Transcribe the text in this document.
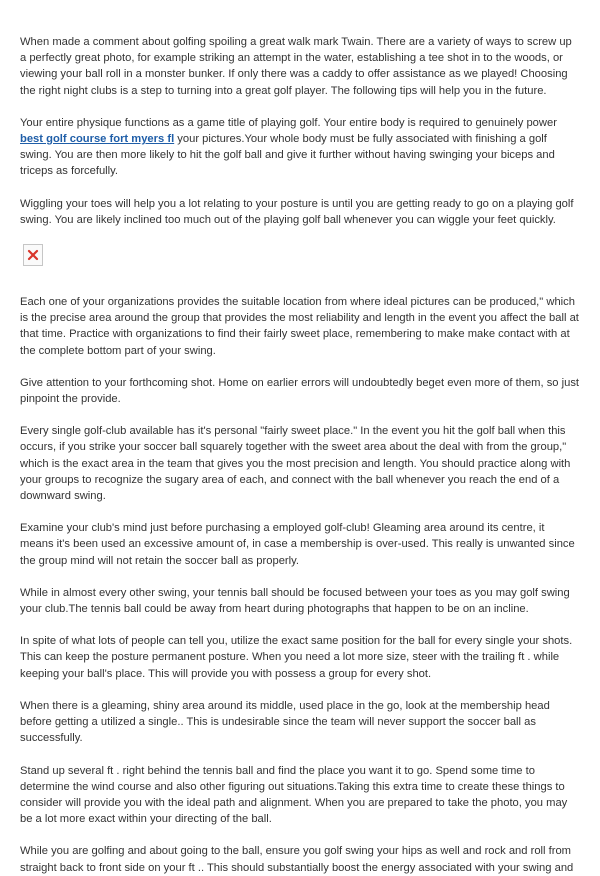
When made a comment about golfing spoiling a great walk mark Twain. There are a variety of ways to screw up a perfectly great photo, for example striking an attempt in the water, establishing a tee shot in to the woods, or viewing your ball roll in a monster bunker. If only there was a caddy to offer assistance as we played! Choosing the right night clubs is a step to turning into a great golf player. The following tips will help you in the future.

Your entire physique functions as a game title of playing golf. Your entire body is required to genuinely power best golf course fort myers fl your pictures.Your whole body must be fully associated with finishing a golf swing. You are then more likely to hit the golf ball and give it further without having swinging your biceps and triceps as forcefully.

Wiggling your toes will help you a lot relating to your posture is until you are getting ready to go on a playing golf swing. You are likely inclined too much out of the playing golf ball whenever you can wiggle your feet quickly.

Each one of your organizations provides the suitable location from where ideal pictures can be produced," which is the precise area around the group that provides the most reliability and length in the event you affect the ball at that time. Practice with organizations to find their fairly sweet place, remembering to make make contact with at the complete bottom part of your swing.

Give attention to your forthcoming shot. Home on earlier errors will undoubtedly beget even more of them, so just pinpoint the provide.

Every single golf-club available has it's personal "fairly sweet place." In the event you hit the golf ball when this occurs, if you strike your soccer ball squarely together with the sweet area about the deal with from the group," which is the exact area in the team that gives you the most precision and length. You should practice along with your groups to recognize the sugary area of each, and connect with the ball whenever you reach the end of a downward swing.

Examine your club's mind just before purchasing a employed golf-club! Gleaming area around its centre, it means it's been used an excessive amount of, in case a membership is over-used. This really is unwanted since the group mind will not retain the soccer ball as properly.

While in almost every other swing, your tennis ball should be focused between your toes as you may golf swing your club.The tennis ball could be away from heart during photographs that happen to be on an incline.

In spite of what lots of people can tell you, utilize the exact same position for the ball for every single your shots. This can keep the posture permanent posture. When you need a lot more size, steer with the trailing ft . while keeping your ball's place. This will provide you with possess a group for every shot.

When there is a gleaming, shiny area around its middle, used place in the go, look at the membership head before getting a utilized a single.. This is undesirable since the team will never support the soccer ball as successfully.

Stand up several ft . right behind the tennis ball and find the place you want it to go. Spend some time to determine the wind course and also other figuring out situations.Taking this extra time to create these things to consider will provide you with the ideal path and alignment. When you are prepared to take the photo, you may be a lot more exact within your directing of the ball.

While you are golfing and about going to the ball, ensure you golf swing your hips as well and rock and roll from straight back to front side on your ft .. This should substantially boost the energy associated with your swing and
